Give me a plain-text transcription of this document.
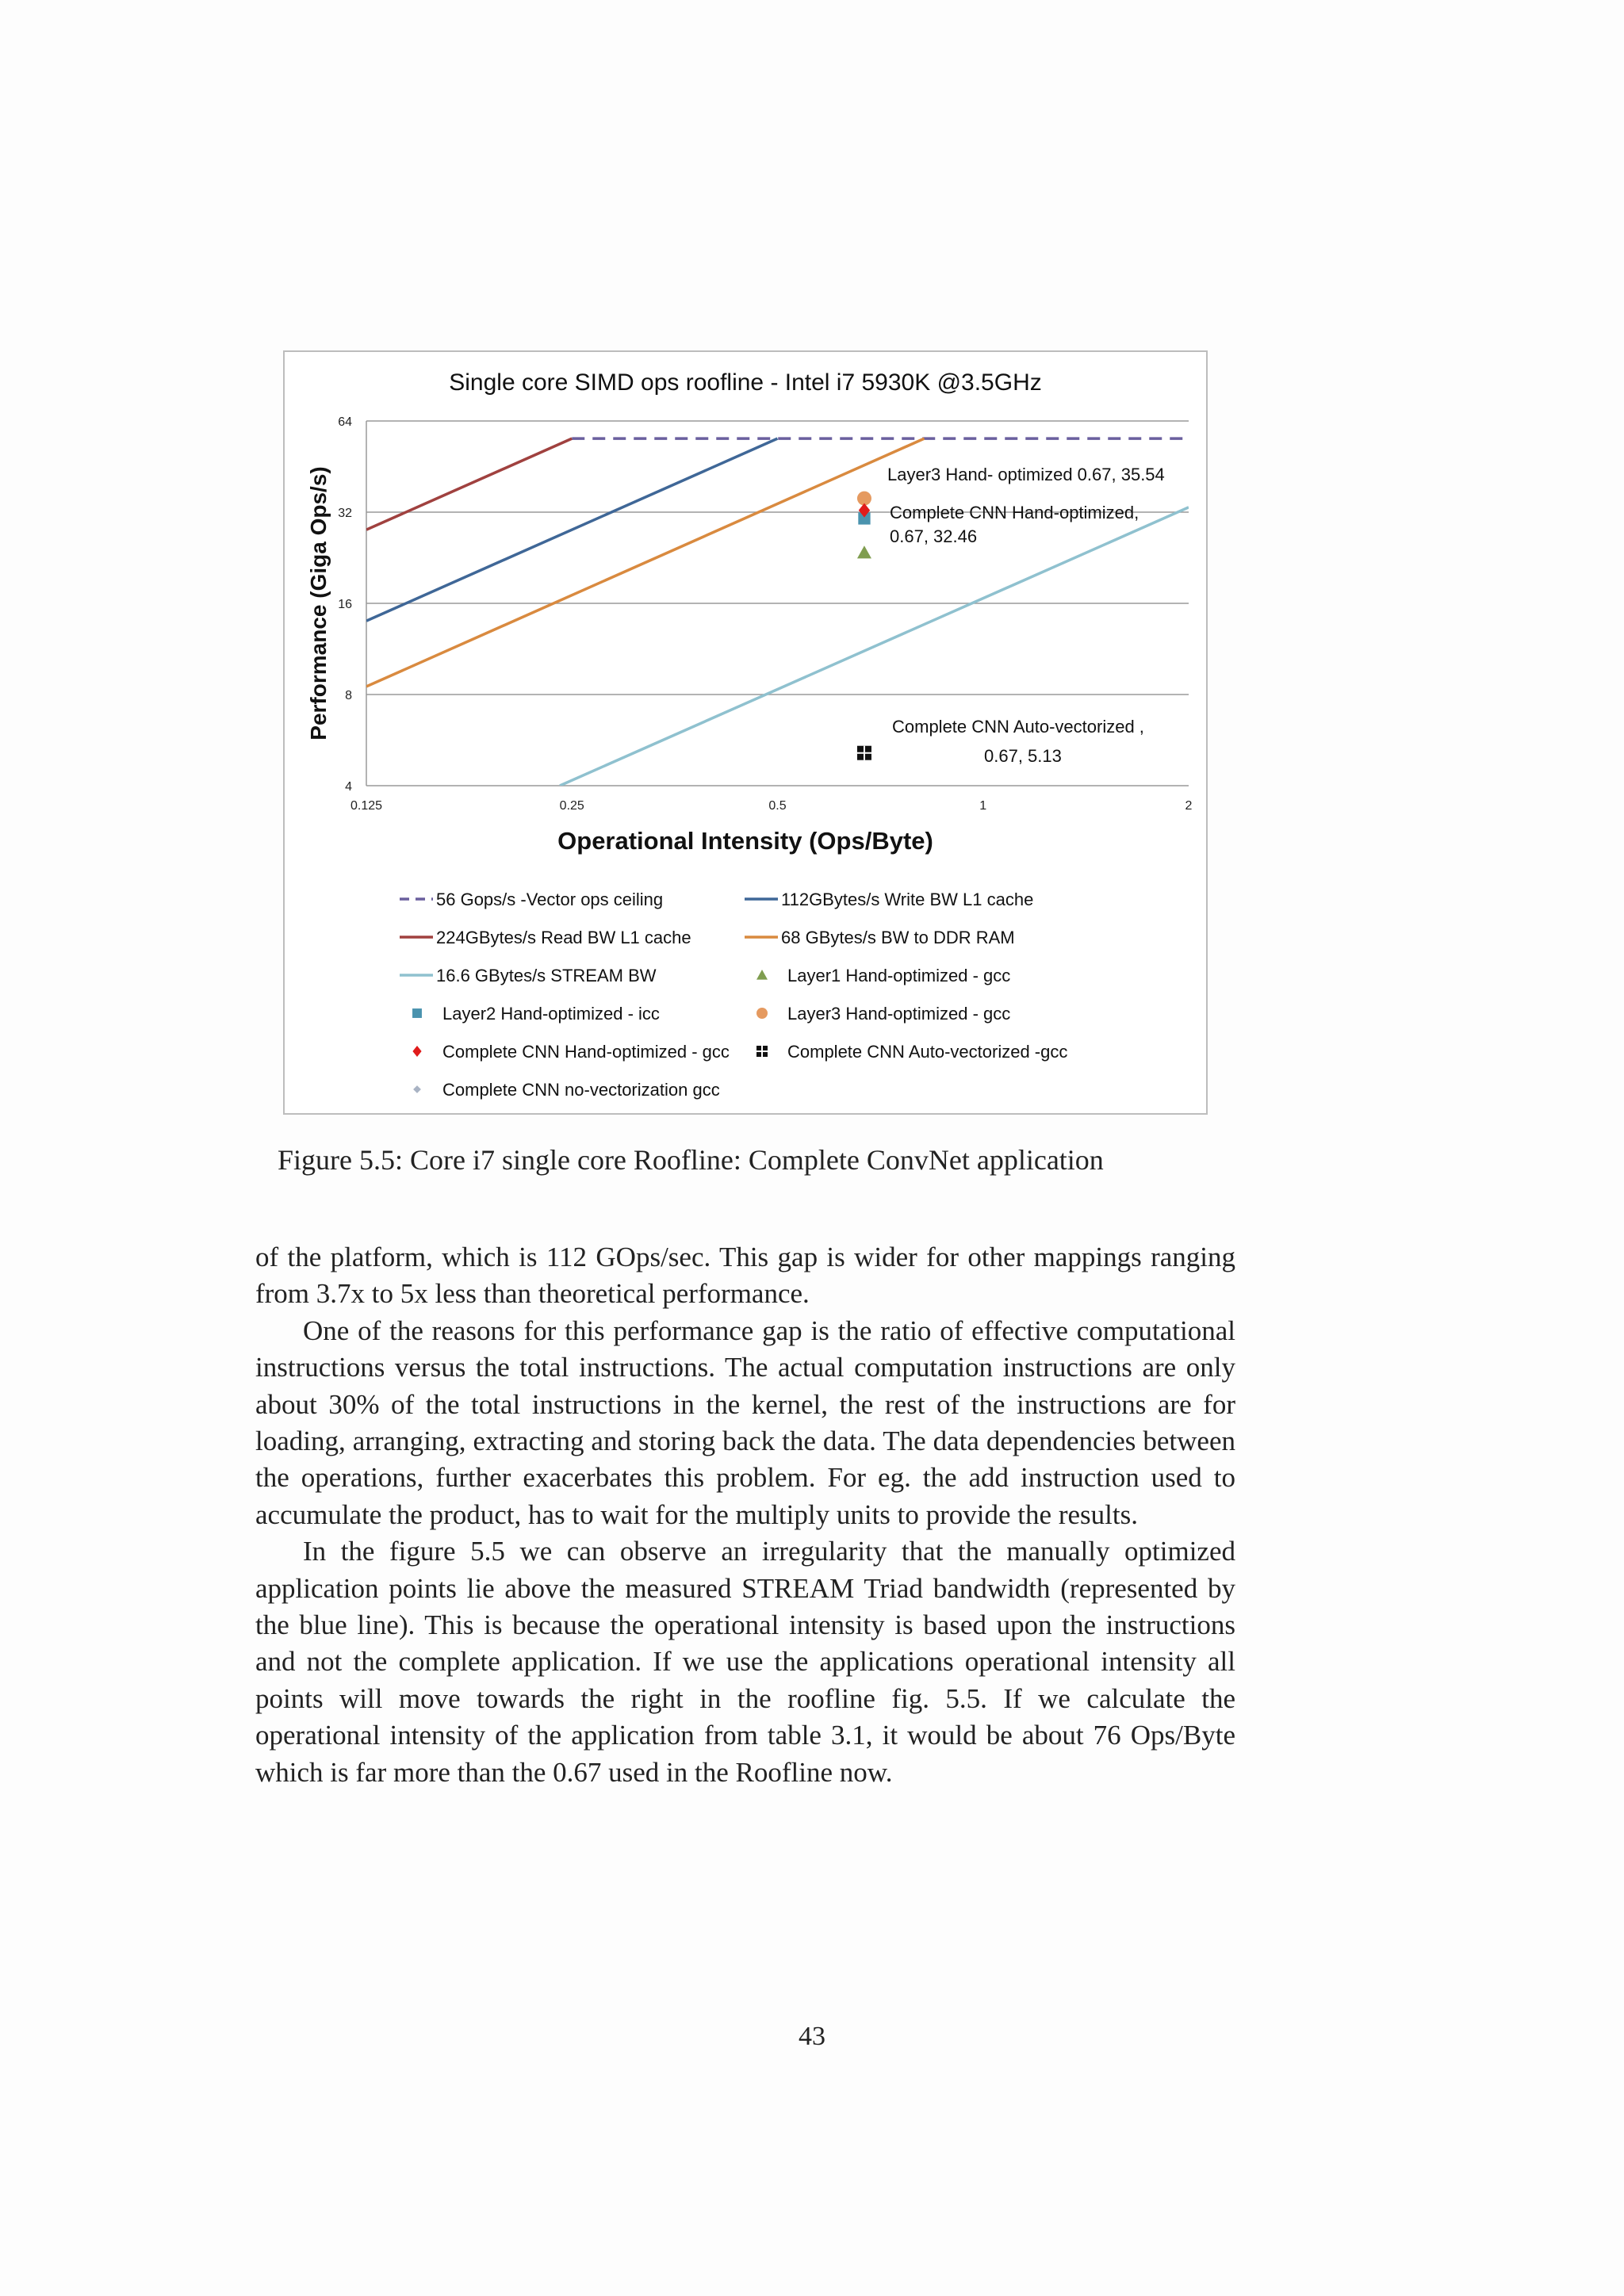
Single core SIMD ops roofline - Intel i7 5930K @3.5GHz
4
8
16
32
64
0.125	0.25	0.5	1	2
Operational Intensity (Ops/Byte)
Performance (Giga Ops/s)	Layer3 Hand- optimized 0.67, 35.54
Complete CNN Hand-optimized,
0.67, 32.46
Complete CNN Auto-vectorized ,
0.67, 5.13
56 Gops/s -Vector ops ceiling	112GBytes/s Write BW L1 cache
224GBytes/s Read BW L1 cache	68 GBytes/s BW to DDR RAM
16.6 GBytes/s STREAM BW	Layer1 Hand-optimized - gcc
Layer2 Hand-optimized - icc	Layer3 Hand-optimized - gcc
Complete CNN Hand-optimized - gcc	Complete CNN Auto-vectorized -gcc
Complete CNN no-vectorization gcc
Figure 5.5: Core i7 single core Roofline: Complete ConvNet application

of the platform, which is 112 GOps/sec. This gap is wider for other mappings ranging from 3.7x to 5x less than theoretical performance.

One of the reasons for this performance gap is the ratio of effective computational instructions versus the total instructions. The actual computation instructions are only about 30% of the total instructions in the kernel, the rest of the instructions are for loading, arranging, extracting and storing back the data. The data dependencies between the operations, further exacerbates this problem. For eg. the add instruction used to accumulate the product, has to wait for the multiply units to provide the results.

In the figure 5.5 we can observe an irregularity that the manually optimized application points lie above the measured STREAM Triad bandwidth (represented by the blue line). This is because the operational intensity is based upon the instructions and not the complete application. If we use the applications operational intensity all points will move towards the right in the roofline fig. 5.5. If we calculate the operational intensity of the application from table 3.1, it would be about 76 Ops/Byte which is far more than the 0.67 used in the Roofline now.

43
